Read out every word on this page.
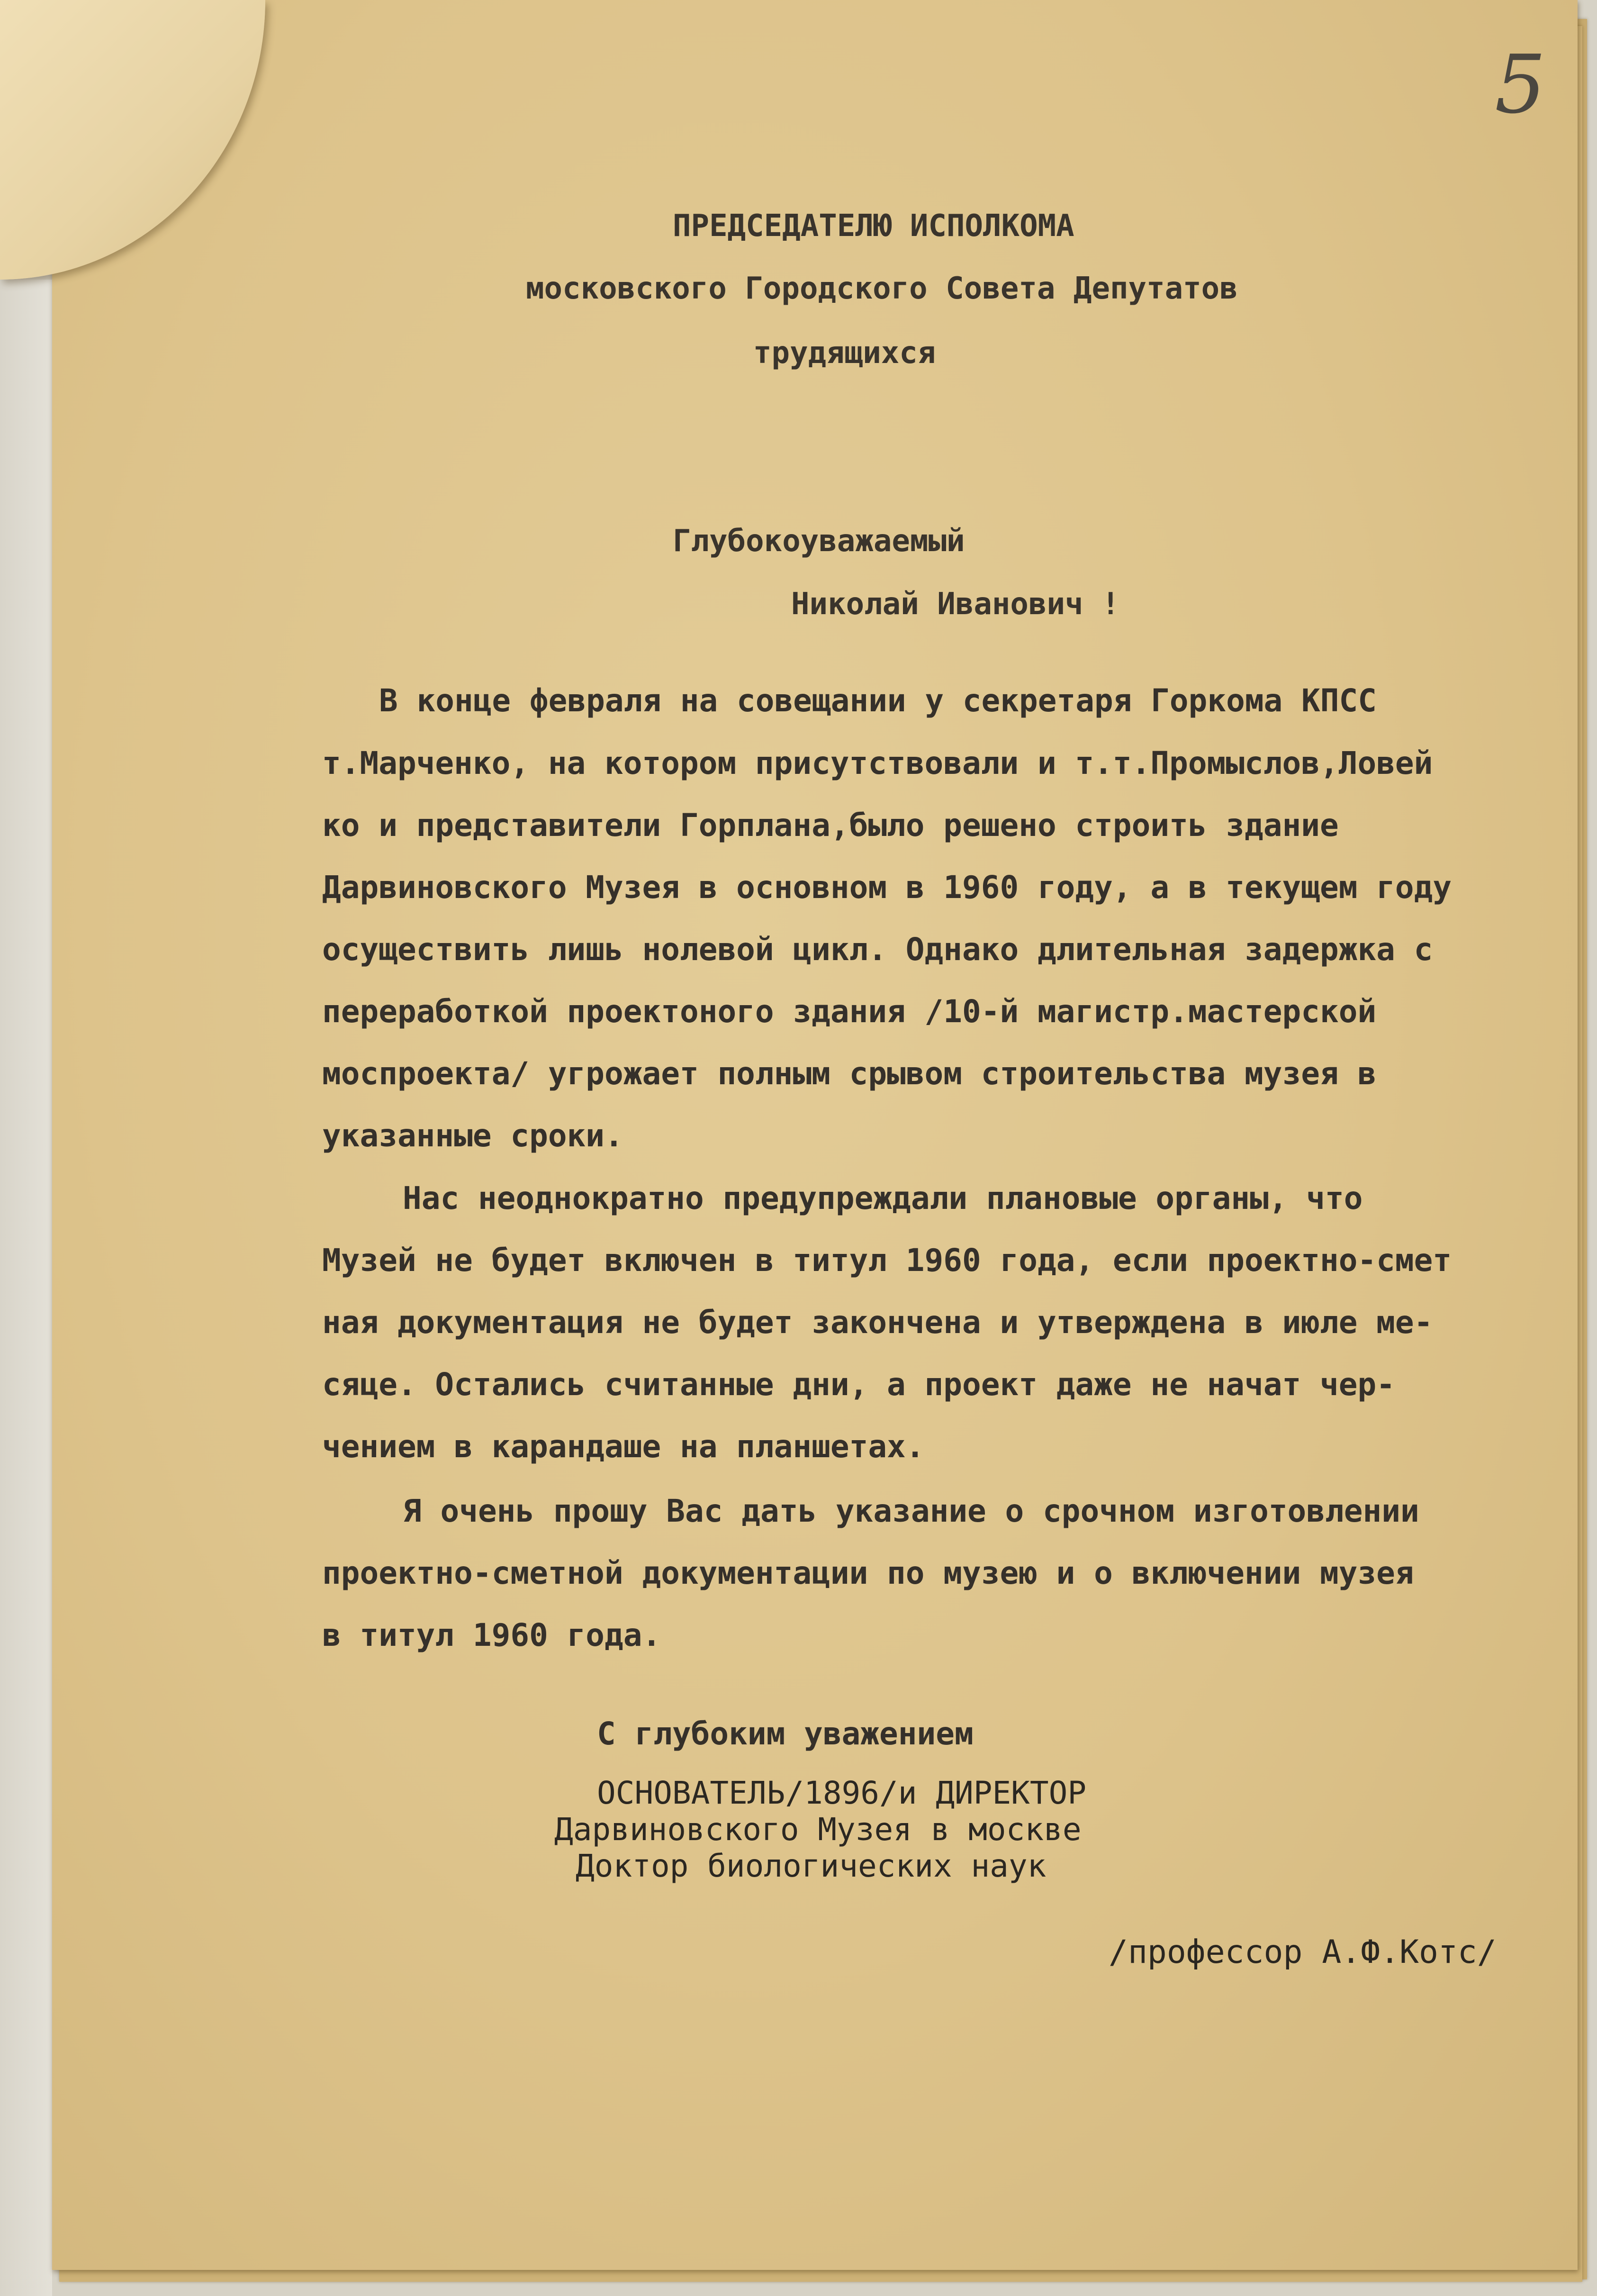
5
ПРЕДСЕДАТЕЛЮ ИСПОЛКОМА
московского Городского Совета Депутатов
трудящихся
Глубокоуважаемый
Николай Иванович !
В конце февраля на совещании у секретаря Горкома КПСС
т.Марченко, на котором присутствовали и т.т.Промыслов,Ловей
ко и представители Горплана,было решено строить здание
Дарвиновского Музея в основном в 1960 году, а в текущем году
осуществить лишь нолевой цикл. Однако длительная задержка с
переработкой проектоного здания /10-й магистр.мастерской
моспроекта/ угрожает полным срывом строительства музея в
указанные сроки.
Нас неоднократно предупреждали плановые органы, что
Музей не будет включен в титул 1960 года, если проектно-смет
ная документация не будет закончена и утверждена в июле ме-
сяце. Остались считанные дни, а проект даже не начат чер-
чением в карандаше на планшетах.
Я очень прошу Вас дать указание о срочном изготовлении
проектно-сметной документации по музею и о включении музея
в титул 1960 года.
С глубоким уважением
ОСНОВАТЕЛЬ/1896/и ДИРЕКТОР
Дарвиновского Музея в москве
Доктор биологических наук
/профессор А.Ф.Котс/
